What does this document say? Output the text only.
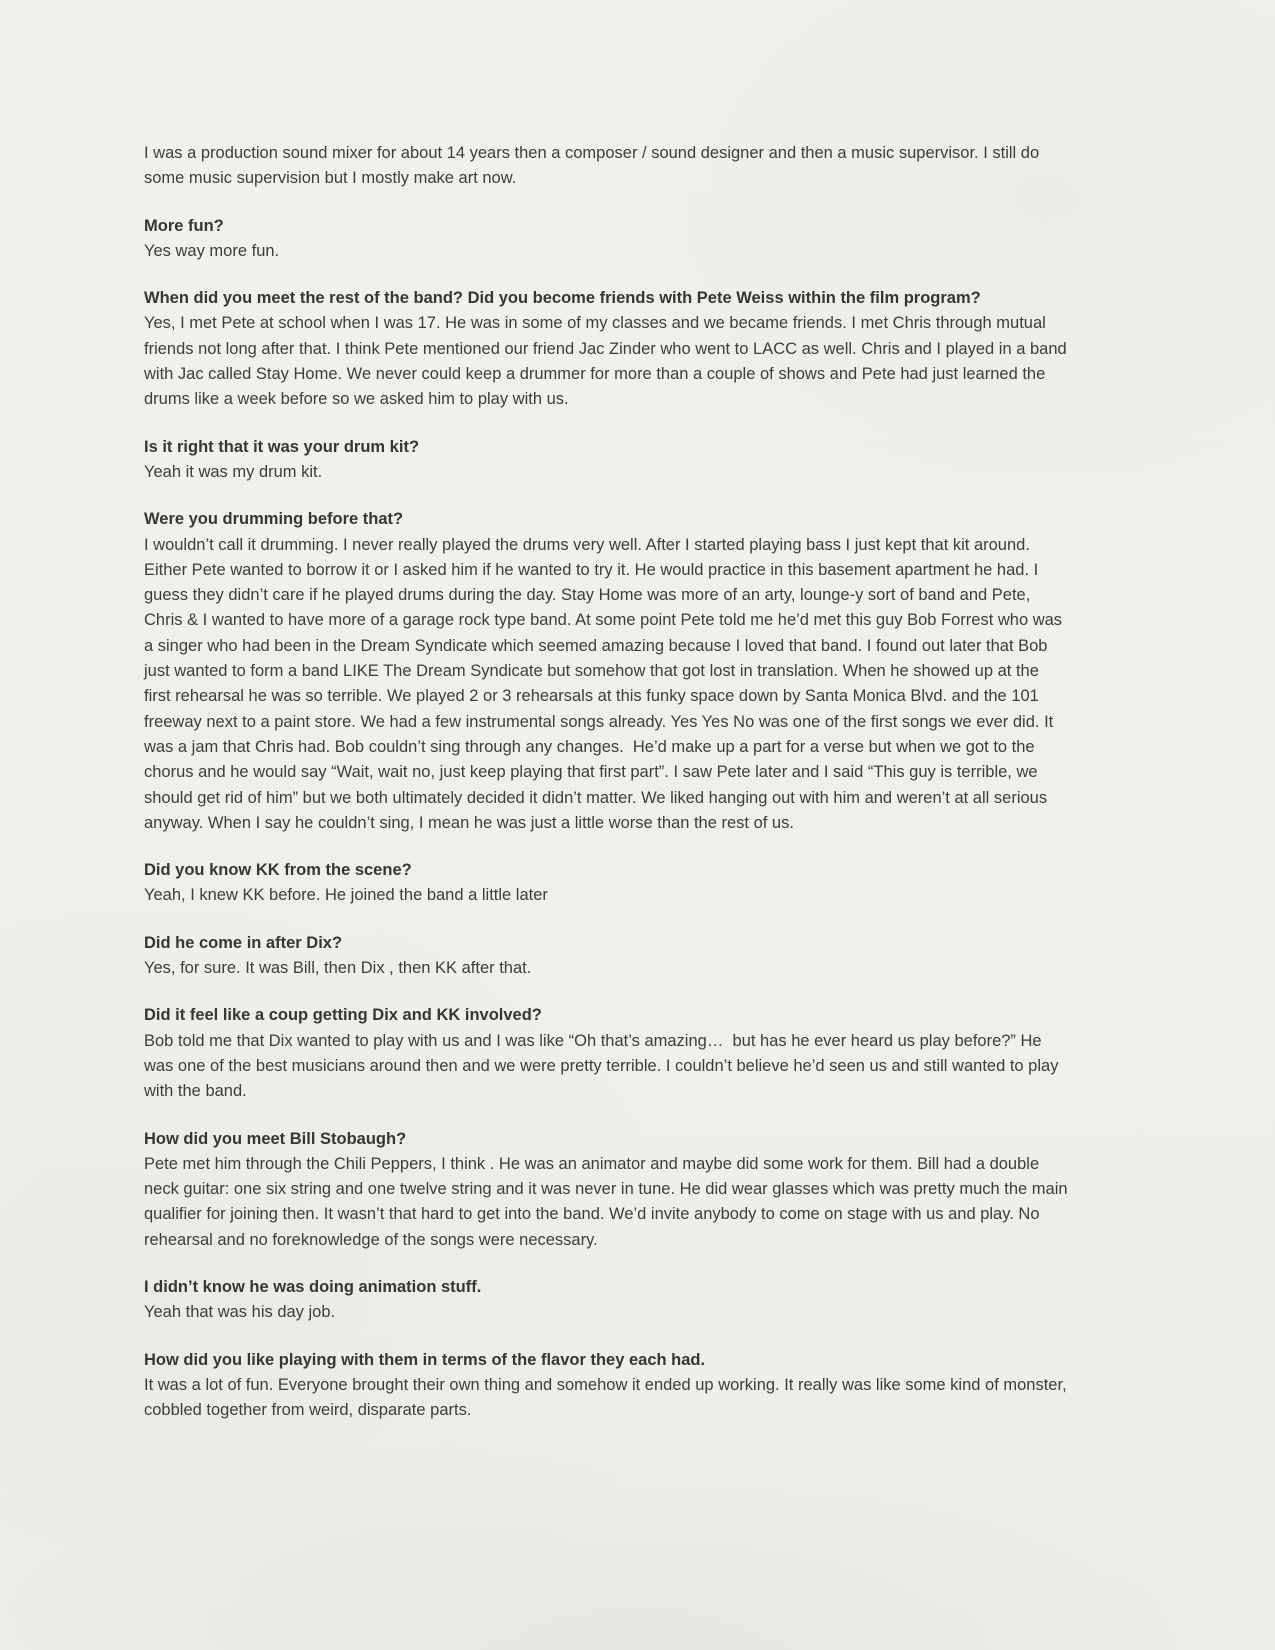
I was a production sound mixer for about 14 years then a composer / sound designer and then a music supervisor. I still do some music supervision but I mostly make art now.

More fun?

Yes way more fun.

When did you meet the rest of the band? Did you become friends with Pete Weiss within the film program?

Yes, I met Pete at school when I was 17. He was in some of my classes and we became friends. I met Chris through mutual friends not long after that. I think Pete mentioned our friend Jac Zinder who went to LACC as well. Chris and I played in a band with Jac called Stay Home. We never could keep a drummer for more than a couple of shows and Pete had just learned the drums like a week before so we asked him to play with us.

Is it right that it was your drum kit?

Yeah it was my drum kit.

Were you drumming before that?

I wouldn’t call it drumming. I never really played the drums very well. After I started playing bass I just kept that kit around. Either Pete wanted to borrow it or I asked him if he wanted to try it. He would practice in this basement apartment he had. I guess they didn’t care if he played drums during the day. Stay Home was more of an arty, lounge-y sort of band and Pete, Chris & I wanted to have more of a garage rock type band. At some point Pete told me he’d met this guy Bob Forrest who was a singer who had been in the Dream Syndicate which seemed amazing because I loved that band. I found out later that Bob just wanted to form a band LIKE The Dream Syndicate but somehow that got lost in translation. When he showed up at the first rehearsal he was so terrible. We played 2 or 3 rehearsals at this funky space down by Santa Monica Blvd. and the 101 freeway next to a paint store. We had a few instrumental songs already. Yes Yes No was one of the first songs we ever did. It was a jam that Chris had. Bob couldn’t sing through any changes.  He’d make up a part for a verse but when we got to the chorus and he would say “Wait, wait no, just keep playing that first part”. I saw Pete later and I said “This guy is terrible, we should get rid of him” but we both ultimately decided it didn’t matter. We liked hanging out with him and weren’t at all serious anyway. When I say he couldn’t sing, I mean he was just a little worse than the rest of us.

Did you know KK from the scene?

Yeah, I knew KK before. He joined the band a little later

Did he come in after Dix?

Yes, for sure. It was Bill, then Dix , then KK after that.

Did it feel like a coup getting Dix and KK involved?

Bob told me that Dix wanted to play with us and I was like “Oh that’s amazing…  but has he ever heard us play before?” He was one of the best musicians around then and we were pretty terrible. I couldn’t believe he’d seen us and still wanted to play with the band.

How did you meet Bill Stobaugh?

Pete met him through the Chili Peppers, I think . He was an animator and maybe did some work for them. Bill had a double neck guitar: one six string and one twelve string and it was never in tune. He did wear glasses which was pretty much the main qualifier for joining then. It wasn’t that hard to get into the band. We’d invite anybody to come on stage with us and play. No rehearsal and no foreknowledge of the songs were necessary.

I didn’t know he was doing animation stuff.

Yeah that was his day job.

How did you like playing with them in terms of the flavor they each had.

It was a lot of fun. Everyone brought their own thing and somehow it ended up working. It really was like some kind of monster, cobbled together from weird, disparate parts.
